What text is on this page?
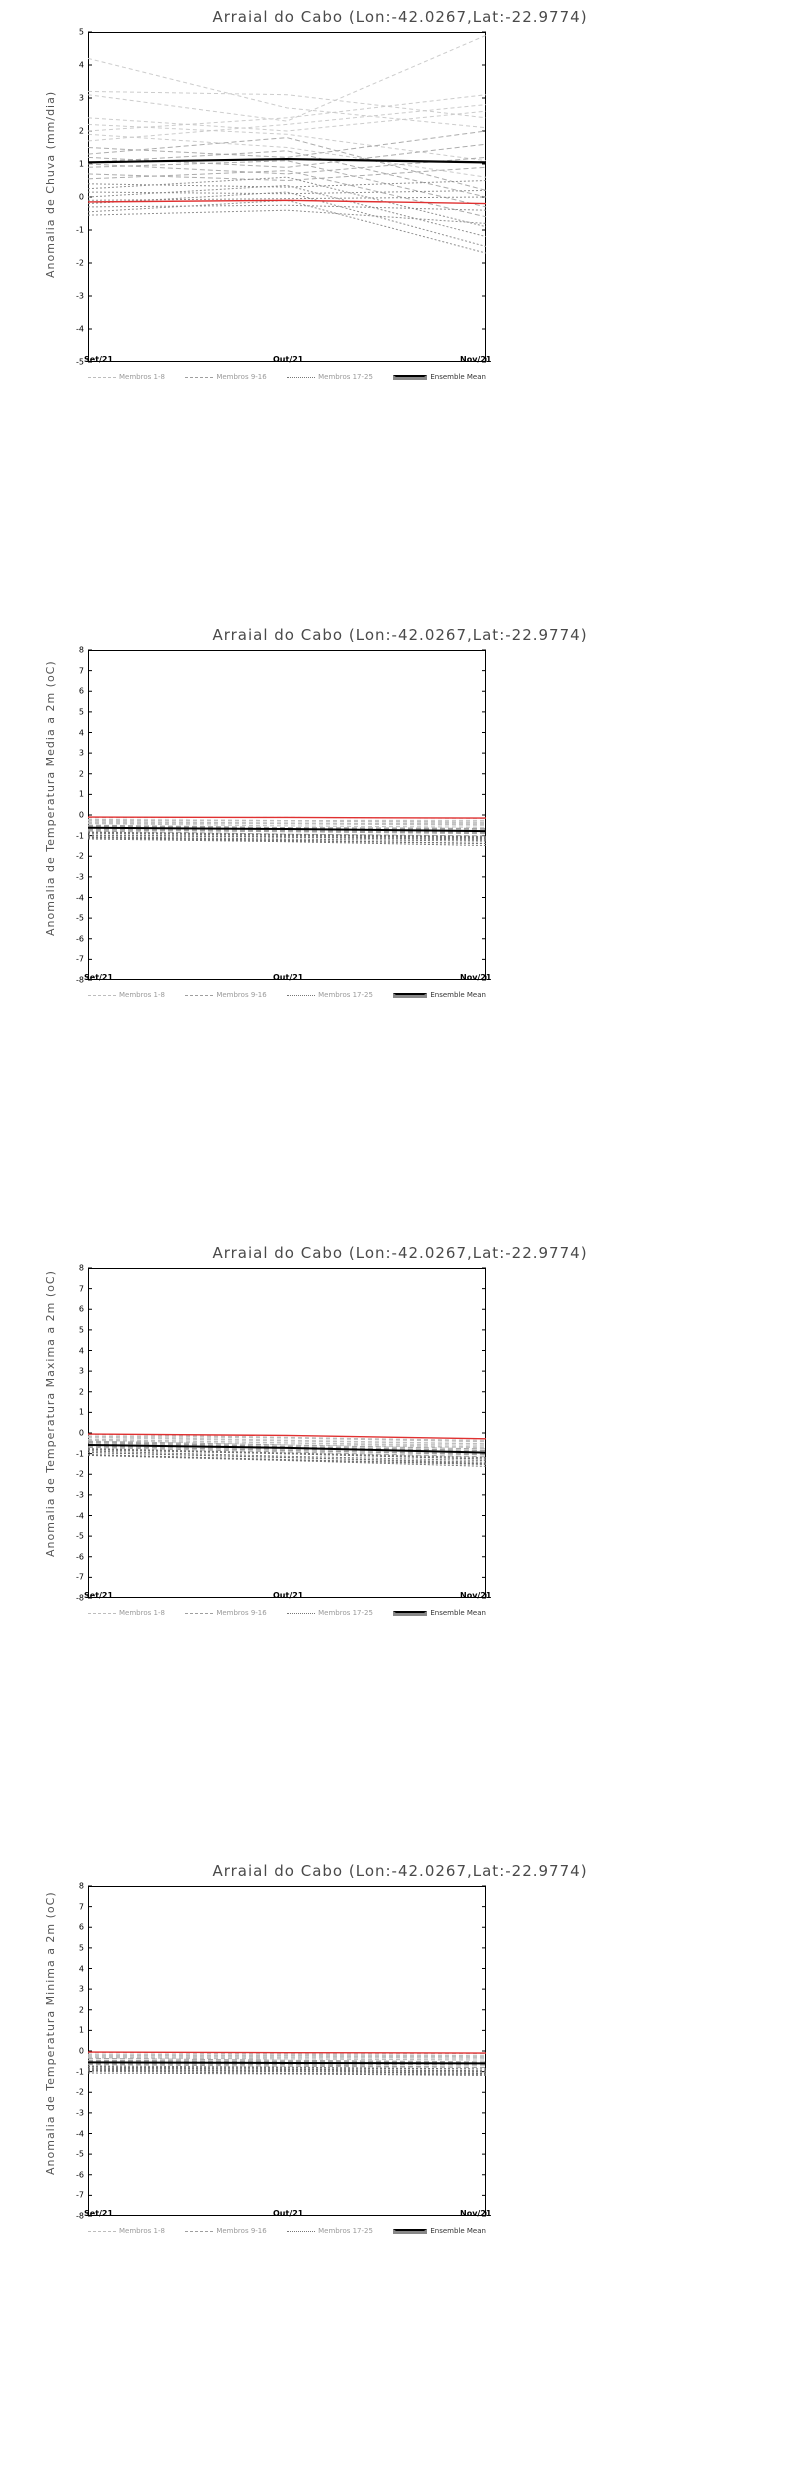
Arraial do Cabo (Lon:-42.0267,Lat:-22.9774)
Anomalia de Chuva (mm/dia)
-5
-4
-3
-2
-1
0
1
2
3
4
5
Set/21	Out/21	Nov/21
Membros 1-8	Membros 9-16	Membros 17-25	Ensemble Mean
Arraial do Cabo (Lon:-42.0267,Lat:-22.9774)
Anomalia de Temperatura Media a 2m (oC)
-8
-7
-6
-5
-4
-3
-2
-1
0
1
2
3
4
5
6
7
8
Set/21	Out/21	Nov/21
Membros 1-8	Membros 9-16	Membros 17-25	Ensemble Mean
Arraial do Cabo (Lon:-42.0267,Lat:-22.9774)
Anomalia de Temperatura Maxima a 2m (oC)
-8
-7
-6
-5
-4
-3
-2
-1
0
1
2
3
4
5
6
7
8
Set/21	Out/21	Nov/21
Membros 1-8	Membros 9-16	Membros 17-25	Ensemble Mean
Arraial do Cabo (Lon:-42.0267,Lat:-22.9774)
Anomalia de Temperatura Minima a 2m (oC)
-8
-7
-6
-5
-4
-3
-2
-1
0
1
2
3
4
5
6
7
8
Set/21	Out/21	Nov/21
Membros 1-8	Membros 9-16	Membros 17-25	Ensemble Mean
